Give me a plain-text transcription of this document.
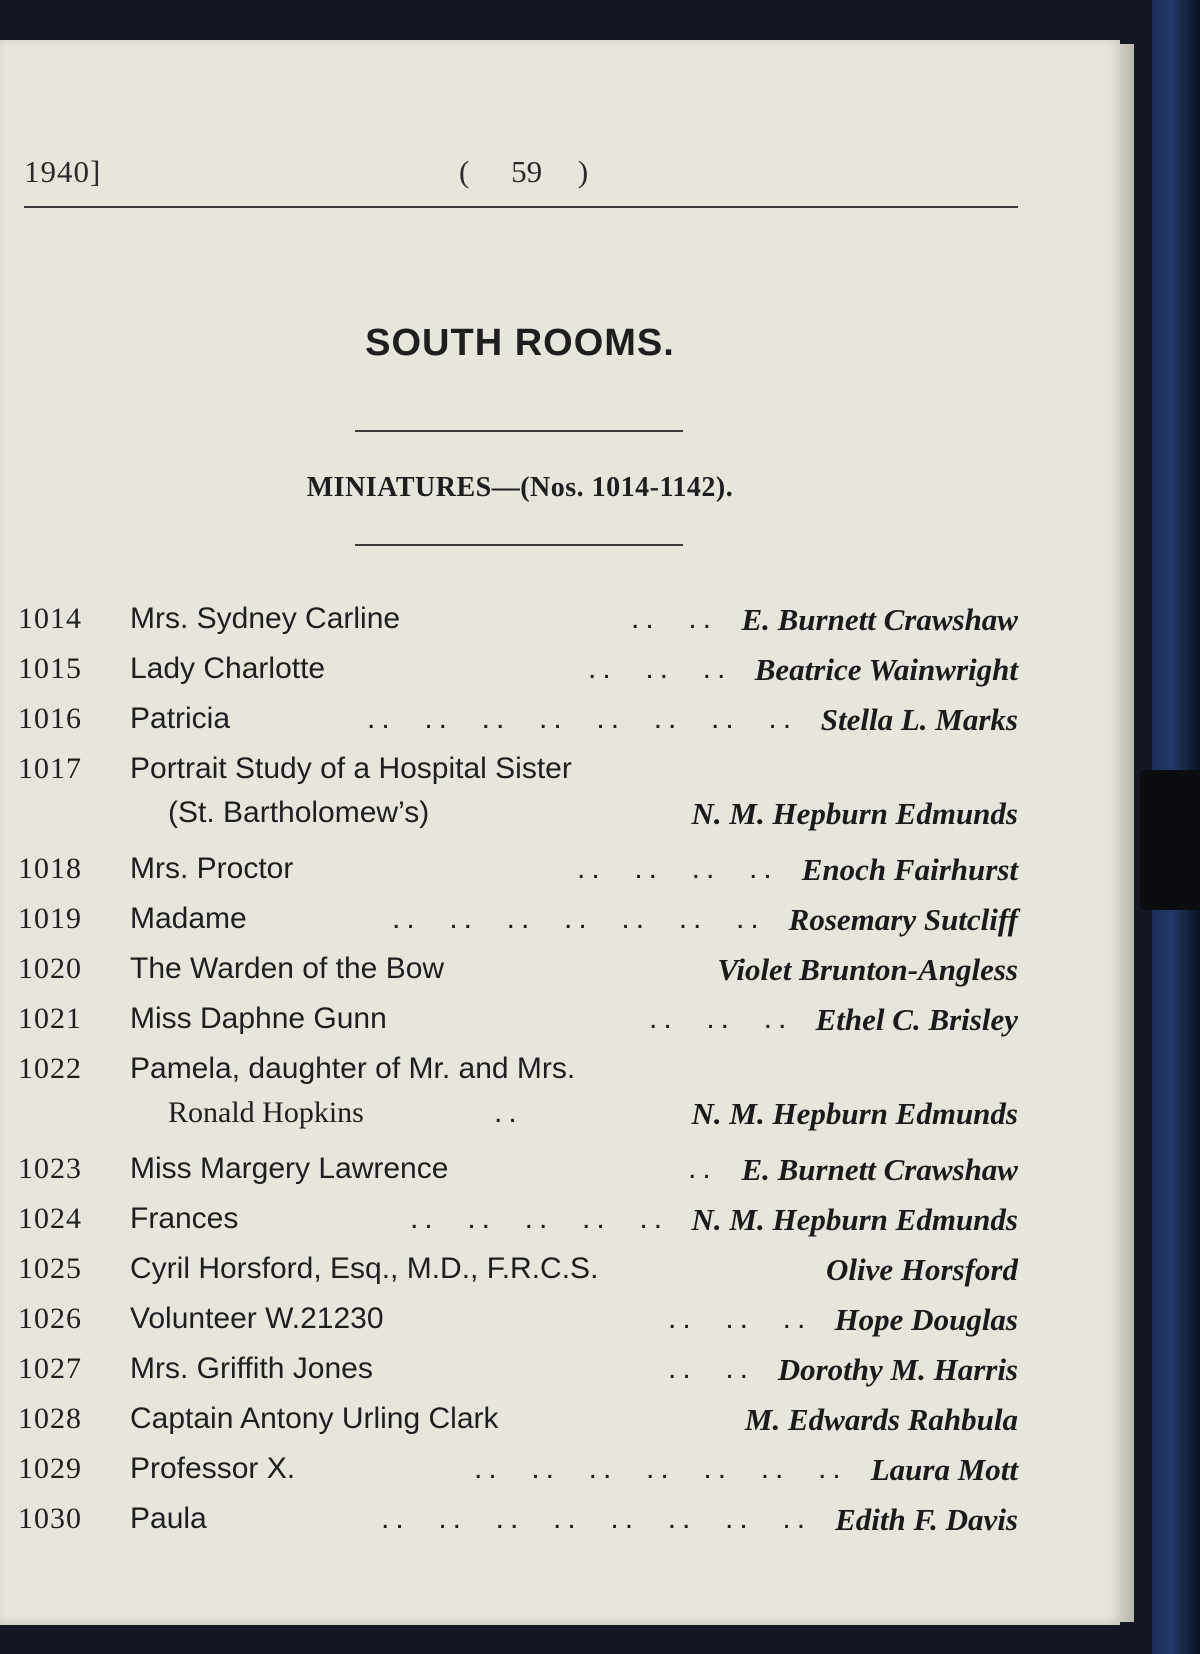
1940]	( 59 )
SOUTH ROOMS.
MINIATURES—(Nos. 1014-1142).
1014 Mrs. Sydney Carline	E. Burnett Crawshaw
..  ..
1015 Lady Charlotte	Beatrice Wainwright
..  ..  ..
1016 Patricia	Stella L. Marks
..  ..  ..  ..  ..  ..  ..  ..
1017 Portrait Study of a Hospital Sister
(St. Bartholomew’s)	N. M. Hepburn Edmunds
1018 Mrs. Proctor	Enoch Fairhurst
..  ..  ..  ..
1019 Madame	Rosemary Sutcliff
..  ..  ..  ..  ..  ..  ..
1020 The Warden of the Bow	Violet Brunton-Angless
1021 Miss Daphne Gunn	Ethel C. Brisley
..  ..  ..
1022 Pamela, daughter of Mr. and Mrs.
Ronald Hopkins	..	N. M. Hepburn Edmunds
1023 Miss Margery Lawrence	E. Burnett Crawshaw
..
1024 Frances	N. M. Hepburn Edmunds
..  ..  ..  ..  ..
1025 Cyril Horsford, Esq., M.D., F.R.C.S.	Olive Horsford
1026 Volunteer W.21230	Hope Douglas
..  ..  ..
1027 Mrs. Griffith Jones	Dorothy M. Harris
..  ..
1028 Captain Antony Urling Clark	M. Edwards Rahbula
1029 Professor X.	Laura Mott
..  ..  ..  ..  ..  ..  ..
1030 Paula	Edith F. Davis
..  ..  ..  ..  ..  ..  ..  ..
